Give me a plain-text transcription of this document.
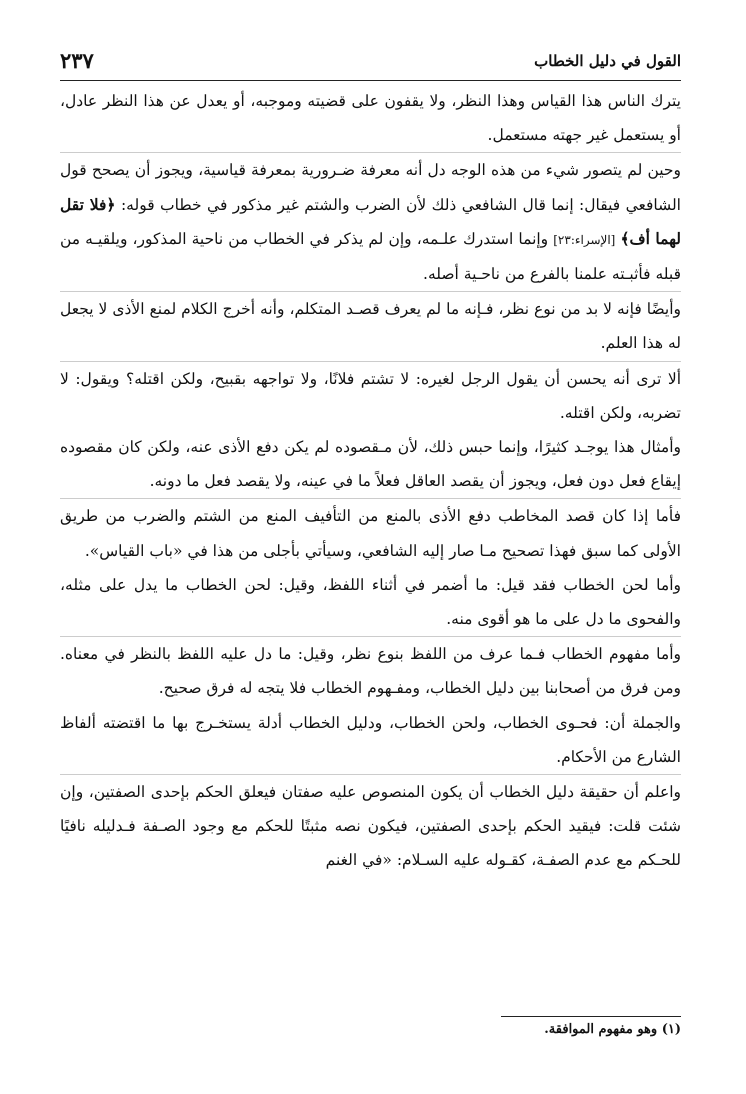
القول في دليل الخطاب
٢٣٧

يترك الناس هذا القياس وهذا النظر، ولا يقفون على قضيته وموجبه، أو يعدل عن هذا النظر عادل، أو يستعمل غير جهته مستعمل.

وحين لم يتصور شيء من هذه الوجه دل أنه معرفة ضـرورية بمعرفة قياسية، ويجوز أن يصحح قول الشافعي فيقال: إنما قال الشافعي ذلك لأن الضرب والشتم غير مذكور في خطاب قوله: ﴿فلا تقل لهما أف﴾ [الإسراء:٢٣] وإنما استدرك علـمه، وإن لم يذكر في الخطاب من ناحية المذكور، ويلقيـه من قبله فأثبـته علمنا بالفرع من ناحـية أصله.

وأيضًا فإنه لا بد من نوع نظر، فـإنه ما لم يعرف قصـد المتكلم، وأنه أخرج الكلام لمنع الأذى لا يجعل له هذا العلم.

ألا ترى أنه يحسن أن يقول الرجل لغيره: لا تشتم فلانًا، ولا تواجهه بقبيح، ولكن اقتله؟ ويقول: لا تضربه، ولكن اقتله.

وأمثال هذا يوجـد كثيرًا، وإنما حبس ذلك، لأن مـقصوده لم يكن دفع الأذى عنه، ولكن كان مقصوده إيقاع فعل دون فعل، ويجوز أن يقصد العاقل فعلاً ما في عينه، ولا يقصد فعل ما دونه.

فأما إذا كان قصد المخاطب دفع الأذى بالمنع من التأفيف المنع من الشتم والضرب من طريق الأولى كما سبق فهذا تصحيح مـا صار إليه الشافعي، وسيأتي بأجلى من هذا في «باب القياس».

وأما لحن الخطاب فقد قيل: ما أضمر في أثناء اللفظ، وقيل: لحن الخطاب ما يدل على مثله، والفحوى ما دل على ما هو أقوى منه.

وأما مفهوم الخطاب فـما عرف من اللفظ بنوع نظر، وقيل: ما دل عليه اللفظ بالنظر في معناه. ومن فرق من أصحابنا بين دليل الخطاب، ومفـهوم الخطاب فلا يتجه له فرق صحيح.

والجملة أن: فحـوى الخطاب، ولحن الخطاب، ودليل الخطاب أدلة يستخـرج بها ما اقتضته ألفاظ الشارع من الأحكام.

واعلم أن حقيقة دليل الخطاب أن يكون المنصوص عليه صفتان فيعلق الحكم بإحدى الصفتين، وإن شئت قلت: فيقيد الحكم بإحدى الصفتين، فيكون نصه مثبتًا للحكم مع وجود الصـفة فـدليله نافيًا للحـكم مع عدم الصفـة، كقـوله عليه السـلام: «في الغنم

(١) وهو مفهوم الموافقة.
